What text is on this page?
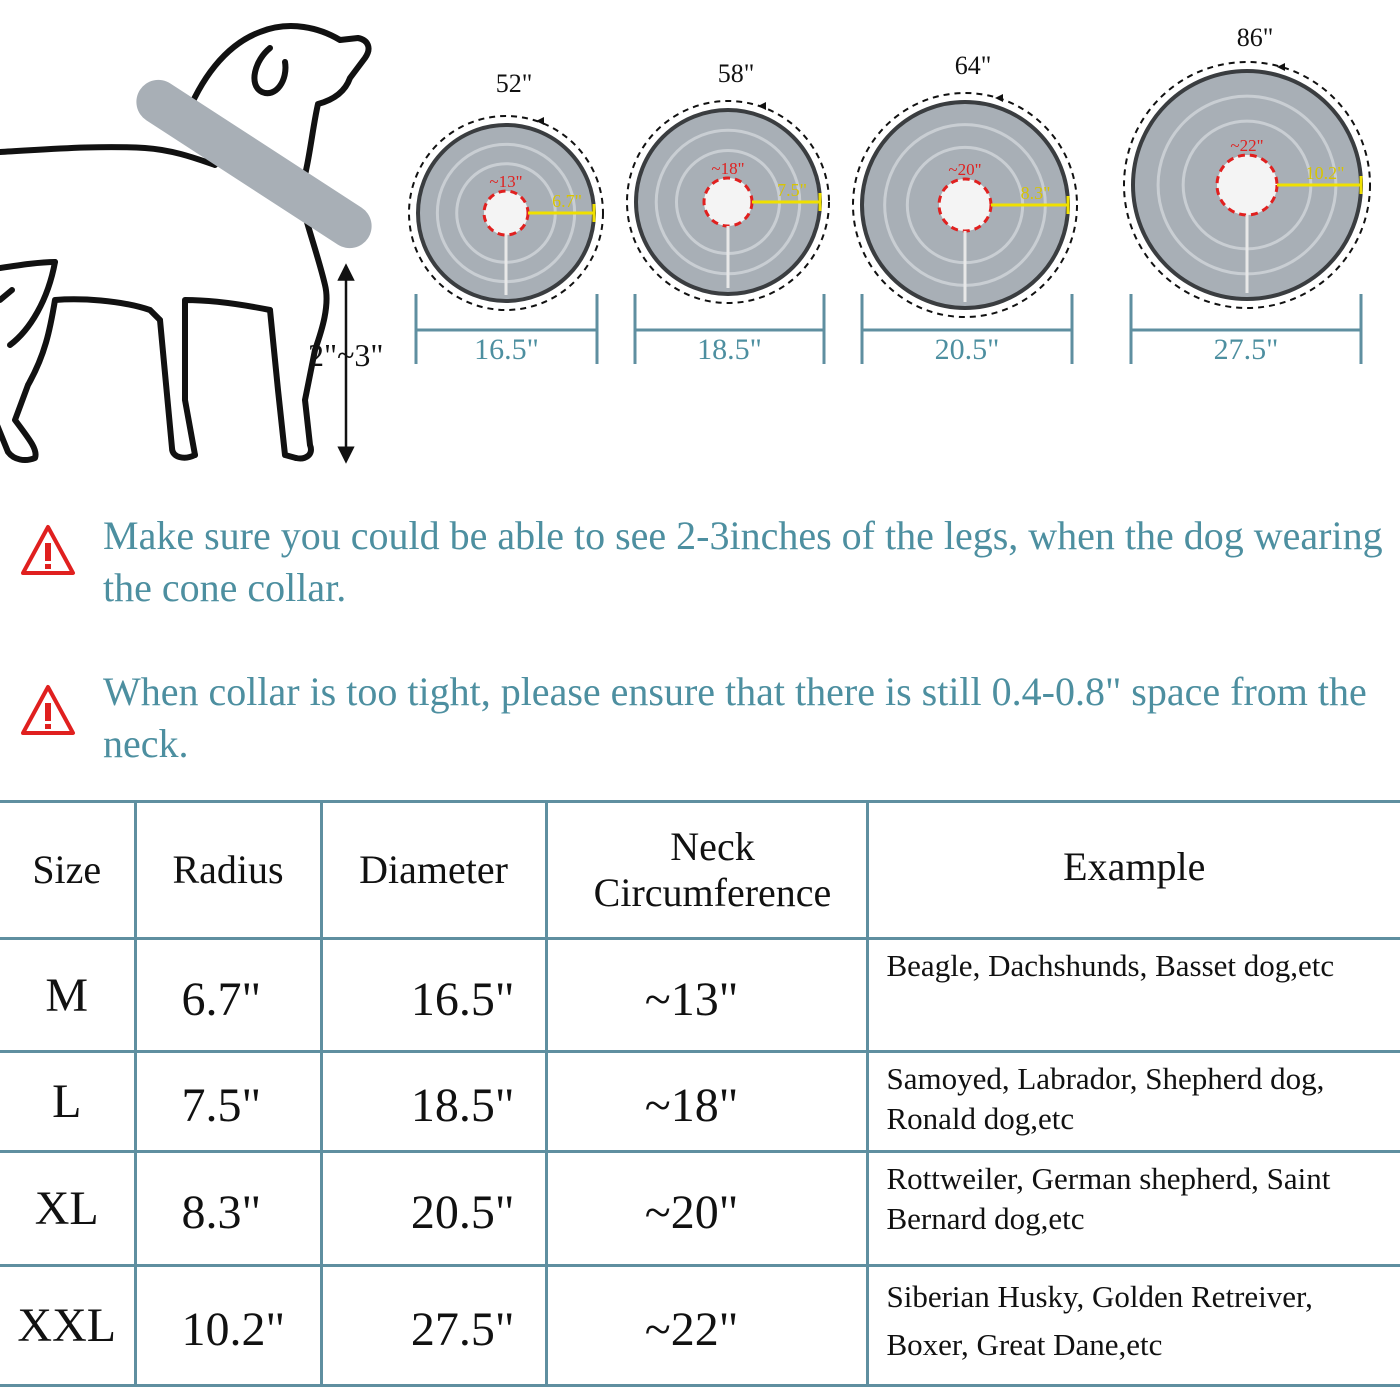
2"~3"
~13"
6.7"
52"
16.5"
~18"
7.5"
58"
18.5"
~20"
8.3"
64"
20.5"
~22"
10.2"
86"
27.5"

Make sure you could be able to see 2-3inches of the legs, when the dog wearing the cone collar.

When collar is too tight, please ensure that there is still 0.4-0.8" space from the neck.

Size	Radius	Diameter	Neck Circumference	Example
M	6.7"	16.5"	~13"	Beagle, Dachshunds, Basset dog,etc
L	7.5"	18.5"	~18"	Samoyed, Labrador, Shepherd dog, Ronald dog,etc
XL	8.3"	20.5"	~20"	Rottweiler, German shepherd, Saint Bernard dog,etc
XXL	10.2"	27.5"	~22"	Siberian Husky, Golden Retreiver, Boxer, Great Dane,etc
